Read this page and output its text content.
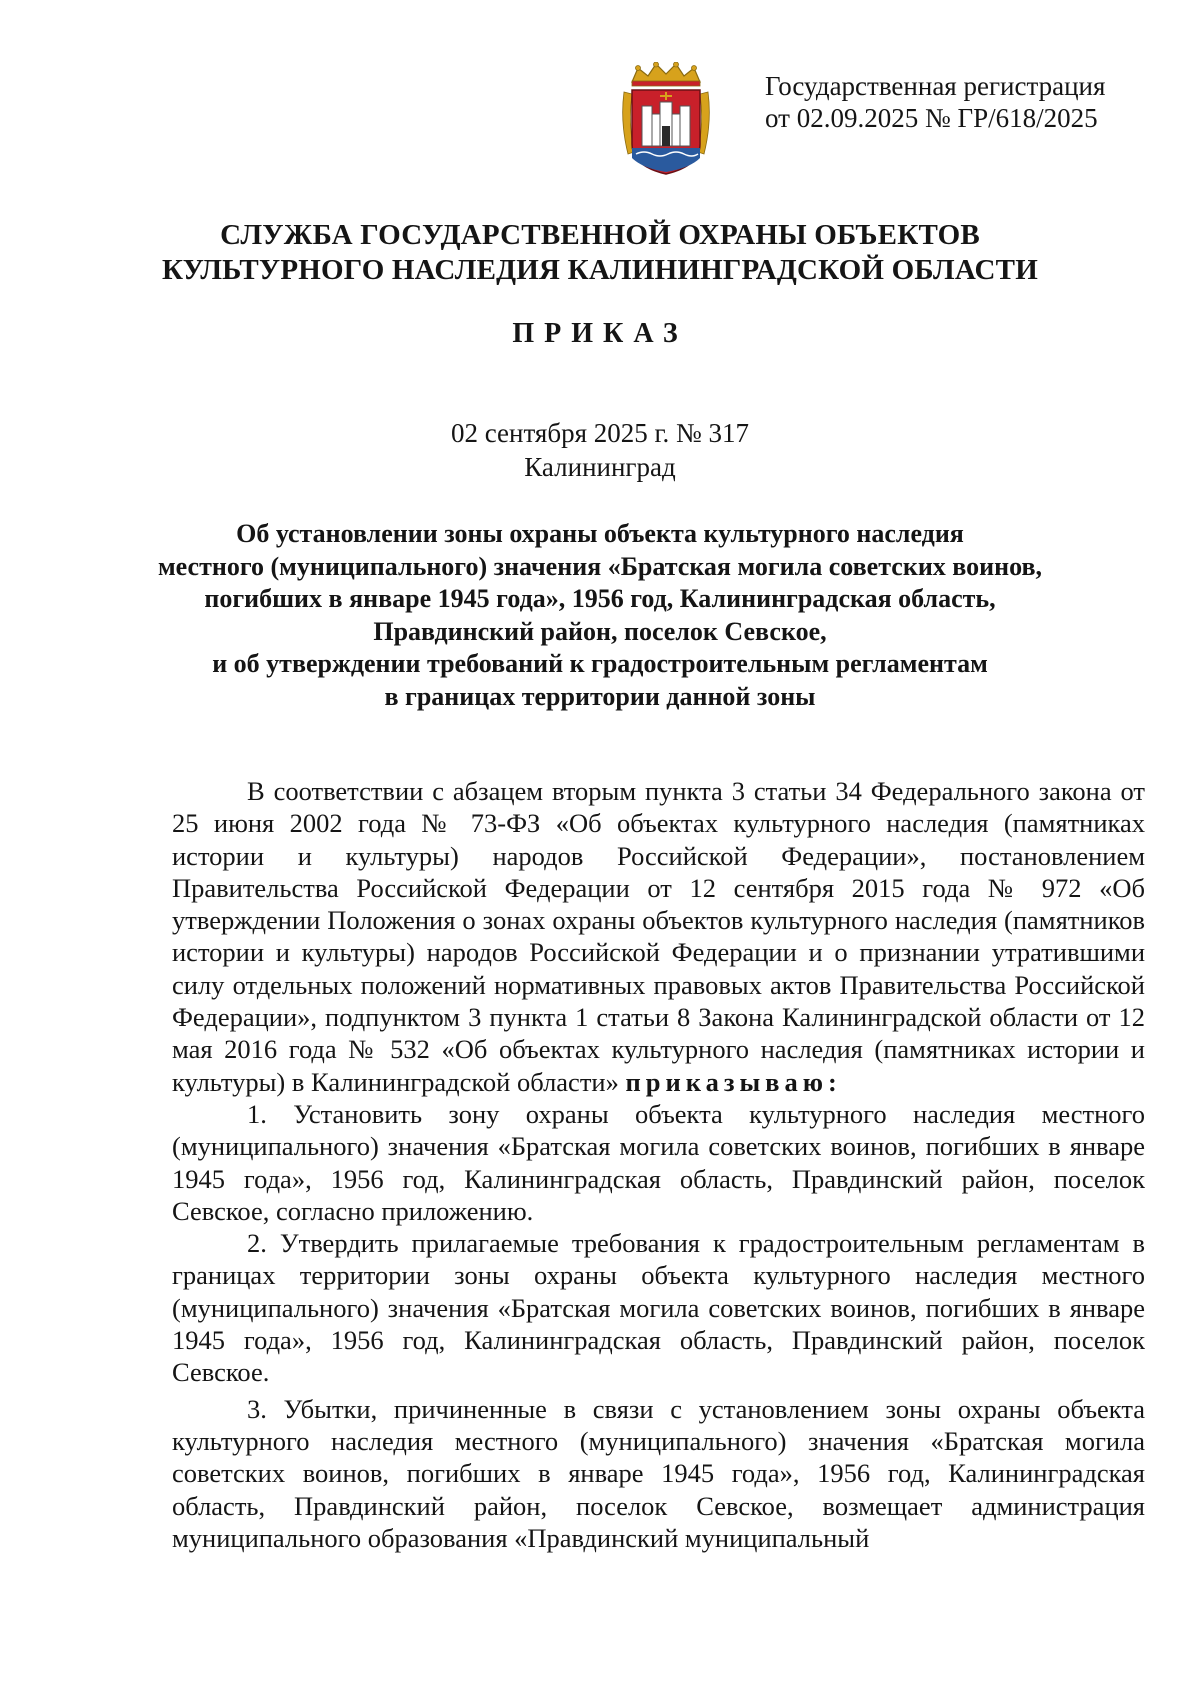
Государственная регистрация
от 02.09.2025 № ГР/618/2025
СЛУЖБА ГОСУДАРСТВЕННОЙ ОХРАНЫ ОБЪЕКТОВ
КУЛЬТУРНОГО НАСЛЕДИЯ КАЛИНИНГРАДСКОЙ ОБЛАСТИ
ПРИКАЗ
02 сентября 2025 г. № 317
Калининград
Об установлении зоны охраны объекта культурного наследия
местного (муниципального) значения «Братская могила советских воинов,
погибших в январе 1945 года», 1956 год, Калининградская область,
Правдинский район, поселок Севское,
и об утверждении требований к градостроительным регламентам
в границах территории данной зоны

В соответствии с абзацем вторым пункта 3 статьи 34 Федерального закона от 25 июня 2002 года № 73-ФЗ «Об объектах культурного наследия (памятниках истории и культуры) народов Российской Федерации», постановлением Правительства Российской Федерации от 12 сентября 2015 года № 972 «Об утверждении Положения о зонах охраны объектов культурного наследия (памятников истории и культуры) народов Российской Федерации и о признании утратившими силу отдельных положений нормативных правовых актов Правительства Российской Федерации», подпунктом 3 пункта 1 статьи 8 Закона Калининградской области от 12 мая 2016 года № 532 «Об объектах культурного наследия (памятниках истории и культуры) в Калининградской области» приказываю:

1. Установить зону охраны объекта культурного наследия местного (муниципального) значения «Братская могила советских воинов, погибших в январе 1945 года», 1956 год, Калининградская область, Правдинский район, поселок Севское, согласно приложению.

2. Утвердить прилагаемые требования к градостроительным регламентам в границах территории зоны охраны объекта культурного наследия местного (муниципального) значения «Братская могила советских воинов, погибших в январе 1945 года», 1956 год, Калининградская область, Правдинский район, поселок Севское.

3. Убытки, причиненные в связи с установлением зоны охраны объекта культурного наследия местного (муниципального) значения «Братская могила советских воинов, погибших в январе 1945 года», 1956 год, Калининградская область, Правдинский район, поселок Севское, возмещает администрация муниципального образования «Правдинский муниципальный
